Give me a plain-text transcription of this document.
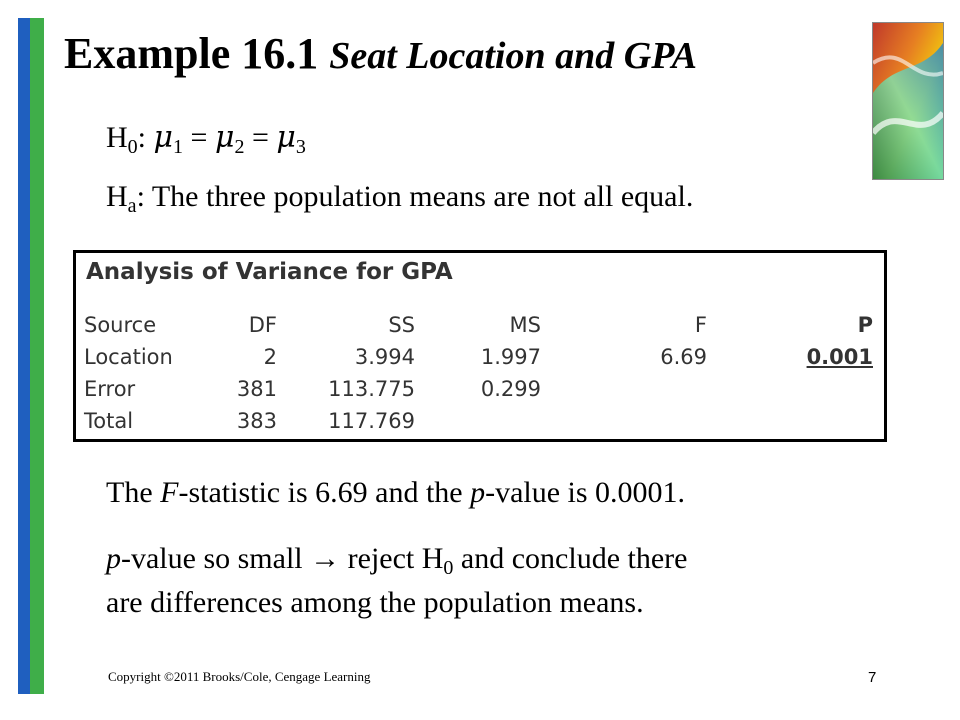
Example 16.1 Seat Location and GPA
$H_0$: $\mu_1 = \mu_2 = \mu_3$
$H_a$: The three population means are not all equal.
Analysis of Variance for GPA
Source	DF	SS	MS	F	P
Location	2	3.994	1.997	6.69	0.001
Error	381	113.775	0.299		
Total	383	117.769			
The F-statistic is 6.69 and the p-value is 0.0001.
p-value so small → reject $H_0$ and conclude there
are differences among the population means.
Copyright ©2011 Brooks/Cole, Cengage Learning	7
